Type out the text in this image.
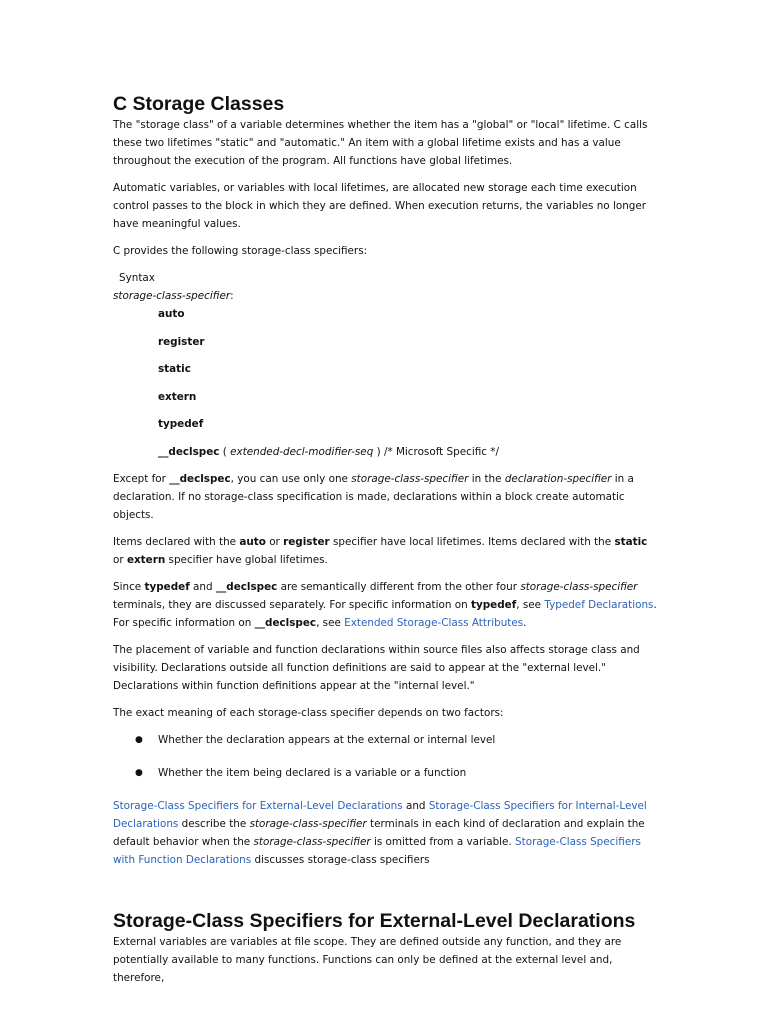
C Storage Classes

The "storage class" of a variable determines whether the item has a "global" or "local" lifetime. C calls these two lifetimes "static" and "automatic." An item with a global lifetime exists and has a value throughout the execution of the program. All functions have global lifetimes.

Automatic variables, or variables with local lifetimes, are allocated new storage each time execution control passes to the block in which they are defined. When execution returns, the variables no longer have meaningful values.

C provides the following storage-class specifiers:

Syntax

storage-class-specifier:

auto
register
static
extern
typedef
__declspec ( extended-decl-modifier-seq ) /* Microsoft Specific */

Except for __declspec, you can use only one storage-class-specifier in the declaration-specifier in a declaration. If no storage-class specification is made, declarations within a block create automatic objects.

Items declared with the auto or register specifier have local lifetimes. Items declared with the static or extern specifier have global lifetimes.

Since typedef and __declspec are semantically different from the other four storage-class-specifier terminals, they are discussed separately. For specific information on typedef, see Typedef Declarations. For specific information on __declspec, see Extended Storage-Class Attributes.

The placement of variable and function declarations within source files also affects storage class and visibility. Declarations outside all function definitions are said to appear at the "external level." Declarations within function definitions appear at the "internal level."

The exact meaning of each storage-class specifier depends on two factors:

● Whether the declaration appears at the external or internal level
● Whether the item being declared is a variable or a function

Storage-Class Specifiers for External-Level Declarations and Storage-Class Specifiers for Internal-Level Declarations describe the storage-class-specifier terminals in each kind of declaration and explain the default behavior when the storage-class-specifier is omitted from a variable. Storage-Class Specifiers with Function Declarations discusses storage-class specifiers

Storage-Class Specifiers for External-Level Declarations

External variables are variables at file scope. They are defined outside any function, and they are potentially available to many functions. Functions can only be defined at the external level and, therefore,
